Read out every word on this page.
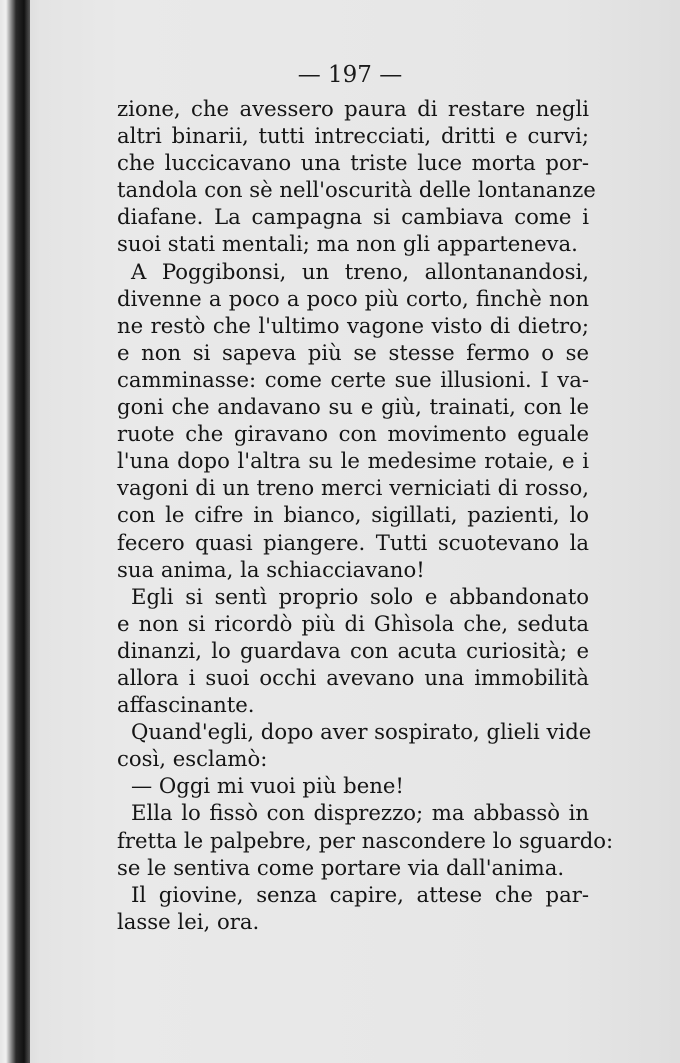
— 197 —
zione, che avessero paura di restare negli
altri binarii, tutti intrecciati, dritti e curvi;
che luccicavano una triste luce morta por-
tandola con sè nell'oscurità delle lontananze
diafane. La campagna si cambiava come i
suoi stati mentali; ma non gli apparteneva.
A Poggibonsi, un treno, allontanandosi,
divenne a poco a poco più corto, finchè non
ne restò che l'ultimo vagone visto di dietro;
e non si sapeva più se stesse fermo o se
camminasse: come certe sue illusioni. I va-
goni che andavano su e giù, trainati, con le
ruote che giravano con movimento eguale
l'una dopo l'altra su le medesime rotaie, e i
vagoni di un treno merci verniciati di rosso,
con le cifre in bianco, sigillati, pazienti, lo
fecero quasi piangere. Tutti scuotevano la
sua anima, la schiacciavano!
Egli si sentì proprio solo e abbandonato
e non si ricordò più di Ghìsola che, seduta
dinanzi, lo guardava con acuta curiosità; e
allora i suoi occhi avevano una immobilità
affascinante.
Quand'egli, dopo aver sospirato, glieli vide
così, esclamò:
— Oggi mi vuoi più bene!
Ella lo fissò con disprezzo; ma abbassò in
fretta le palpebre, per nascondere lo sguardo:
se le sentiva come portare via dall'anima.
Il giovine, senza capire, attese che par-
lasse lei, ora.
